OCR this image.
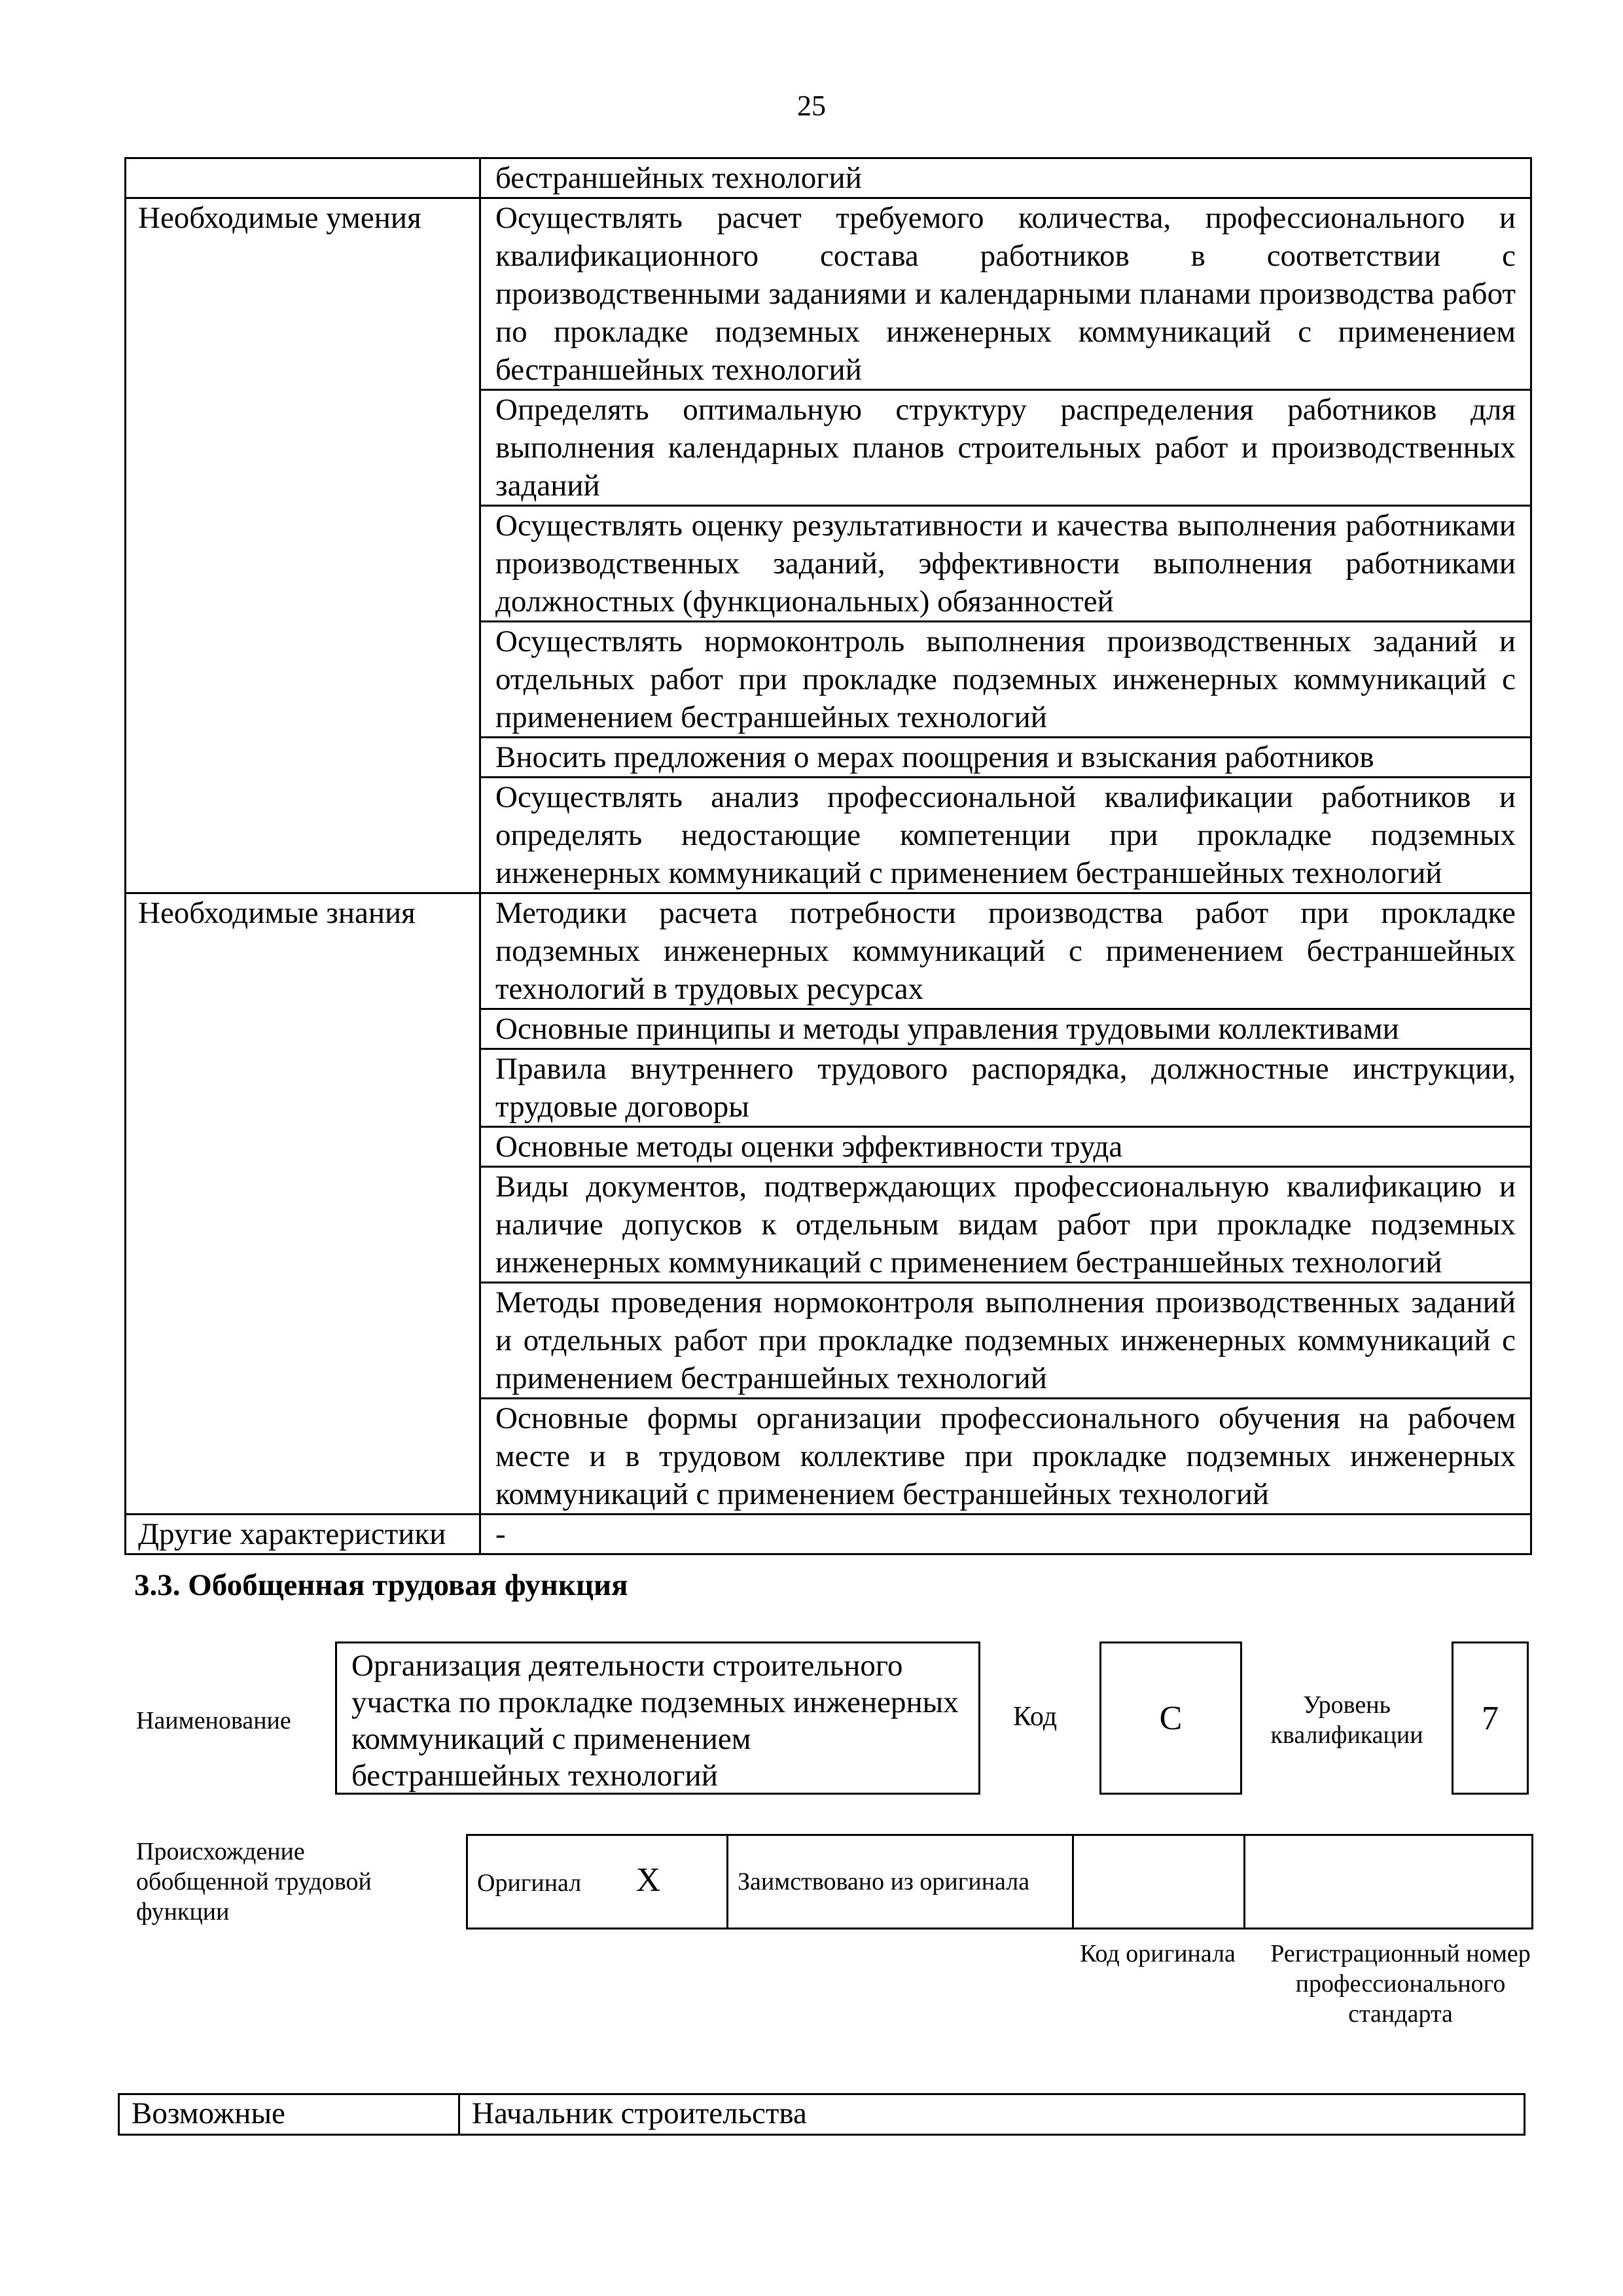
25
	бестраншейных технологий
Необходимые умения	Осуществлять расчет требуемого количества, профессионального и квалификационного состава работников в соответствии с производственными заданиями и календарными планами производства работ по прокладке подземных инженерных коммуникаций с применением бестраншейных технологий
	Определять оптимальную структуру распределения работников для выполнения календарных планов строительных работ и производственных заданий
	Осуществлять оценку результативности и качества выполнения работниками производственных заданий, эффективности выполнения работниками должностных (функциональных) обязанностей
	Осуществлять нормоконтроль выполнения производственных заданий и отдельных работ при прокладке подземных инженерных коммуникаций с применением бестраншейных технологий
	Вносить предложения о мерах поощрения и взыскания работников
	Осуществлять анализ профессиональной квалификации работников и определять недостающие компетенции при прокладке подземных инженерных коммуникаций с применением бестраншейных технологий
Необходимые знания	Методики расчета потребности производства работ при прокладке подземных инженерных коммуникаций с применением бестраншейных технологий в трудовых ресурсах
	Основные принципы и методы управления трудовыми коллективами
	Правила внутреннего трудового распорядка, должностные инструкции, трудовые договоры
	Основные методы оценки эффективности труда
	Виды документов, подтверждающих профессиональную квалификацию и наличие допусков к отдельным видам работ при прокладке подземных инженерных коммуникаций с применением бестраншейных технологий
	Методы проведения нормоконтроля выполнения производственных заданий и отдельных работ при прокладке подземных инженерных коммуникаций с применением бестраншейных технологий
	Основные формы организации профессионального обучения на рабочем месте и в трудовом коллективе при прокладке подземных инженерных коммуникаций с применением бестраншейных технологий
Другие характеристики	-
3.3. Обобщенная трудовая функция
Наименование
Организация деятельности строительного участка по прокладке подземных инженерных коммуникаций с применением бестраншейных технологий
Код	C	Уровень квалификации	7
Происхождение обобщенной трудовой функции
Оригинал X	Заимствовано из оригинала		
Код оригинала	Регистрационный номер профессионального стандарта
Возможные	Начальник строительства
